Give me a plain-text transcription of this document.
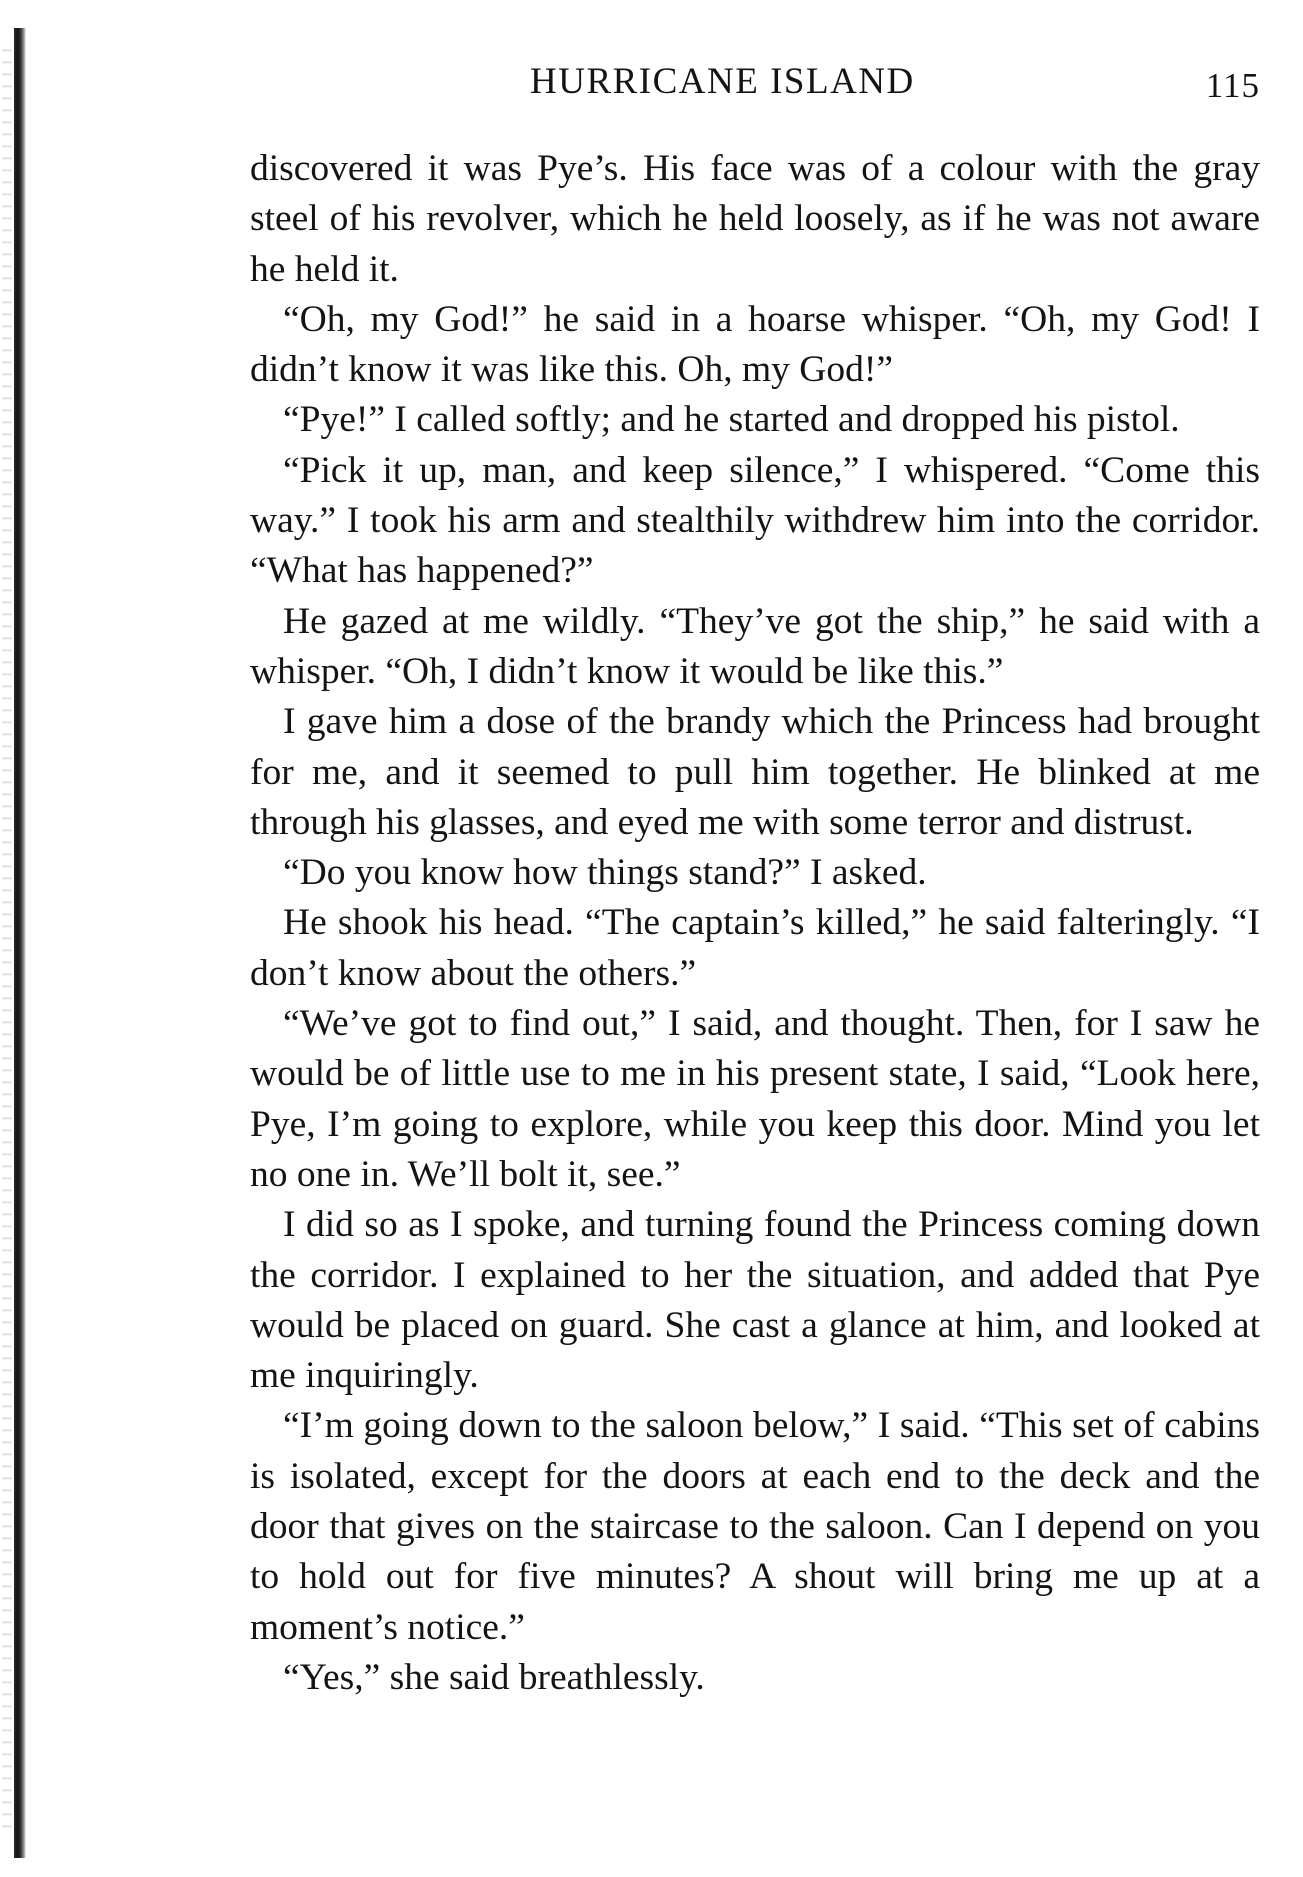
HURRICANE ISLAND	115

discovered it was Pye’s. His face was of a colour with the gray steel of his revolver, which he held loosely, as if he was not aware he held it.

“Oh, my God!” he said in a hoarse whisper. “Oh, my God! I didn’t know it was like this. Oh, my God!”

“Pye!” I called softly; and he started and dropped his pistol.

“Pick it up, man, and keep silence,” I whispered. “Come this way.” I took his arm and stealthily withdrew him into the corridor. “What has happened?”

He gazed at me wildly. “They’ve got the ship,” he said with a whisper. “Oh, I didn’t know it would be like this.”

I gave him a dose of the brandy which the Princess had brought for me, and it seemed to pull him together. He blinked at me through his glasses, and eyed me with some terror and distrust.

“Do you know how things stand?” I asked.

He shook his head. “The captain’s killed,” he said falteringly. “I don’t know about the others.”

“We’ve got to find out,” I said, and thought. Then, for I saw he would be of little use to me in his present state, I said, “Look here, Pye, I’m going to explore, while you keep this door. Mind you let no one in. We’ll bolt it, see.”

I did so as I spoke, and turning found the Princess coming down the corridor. I explained to her the situation, and added that Pye would be placed on guard. She cast a glance at him, and looked at me inquiringly.

“I’m going down to the saloon below,” I said. “This set of cabins is isolated, except for the doors at each end to the deck and the door that gives on the staircase to the saloon. Can I depend on you to hold out for five minutes? A shout will bring me up at a moment’s notice.”

“Yes,” she said breathlessly.
